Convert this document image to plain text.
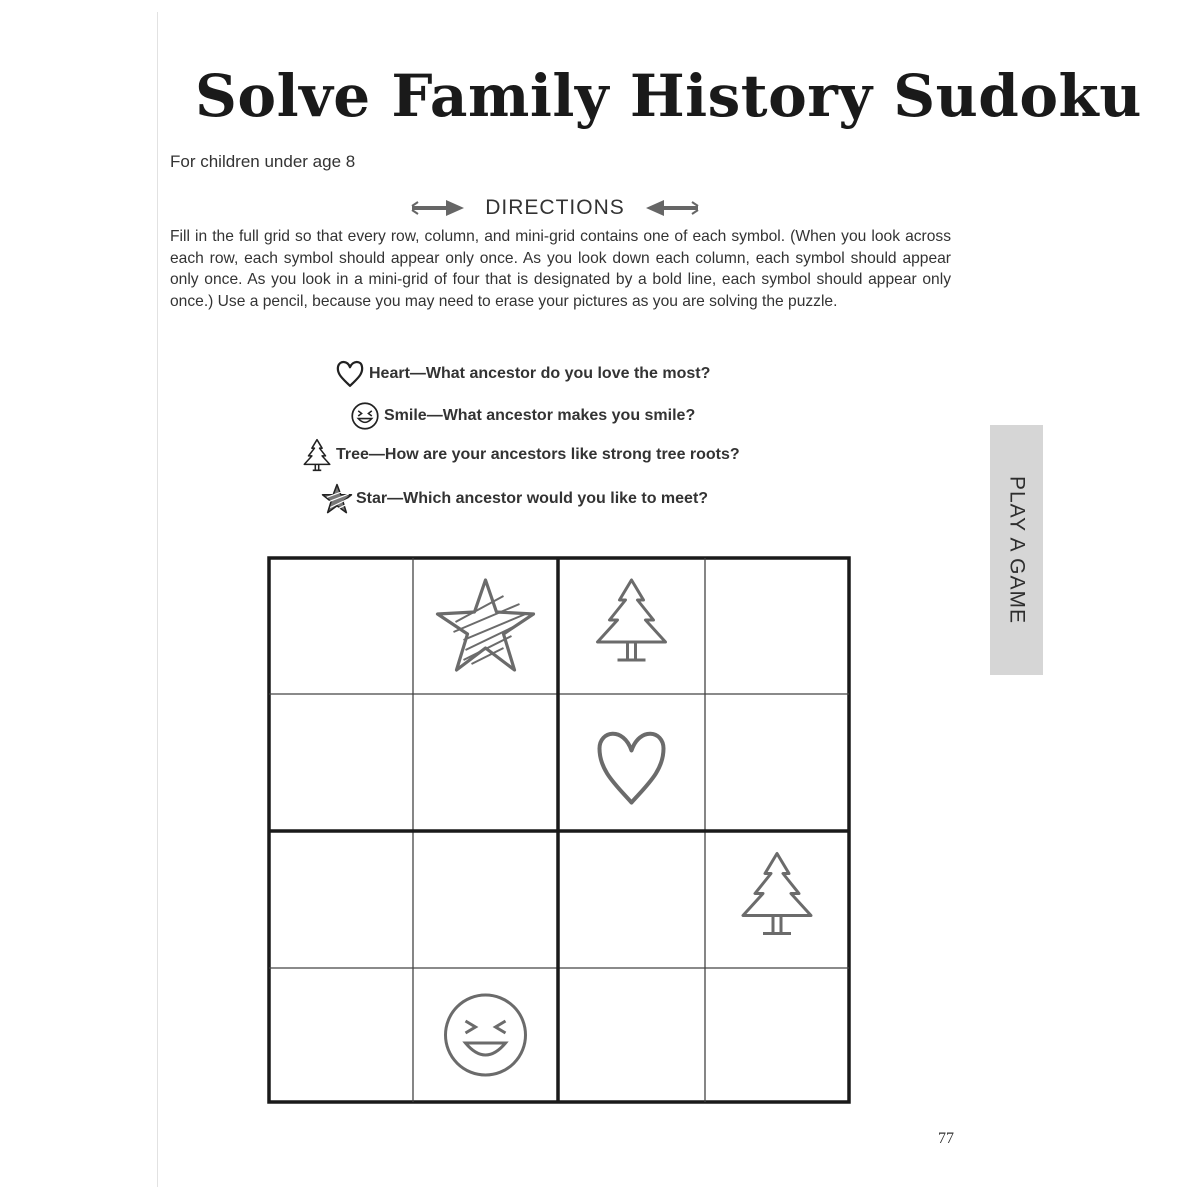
Solve Family History Sudoku
For children under age 8
DIRECTIONS

Fill in the full grid so that every row, column, and mini-grid contains one of each symbol. (When you look across each row, each symbol should appear only once. As you look down each column, each symbol should appear only once. As you look in a mini-grid of four that is designated by a bold line, each symbol should appear only once.) Use a pencil, because you may need to erase your pictures as you are solving the puzzle.

Heart—What ancestor do you love the most?
Smile—What ancestor makes you smile?
Tree—How are your ancestors like strong tree roots?
Star—Which ancestor would you like to meet?	PLAY A GAME
77
